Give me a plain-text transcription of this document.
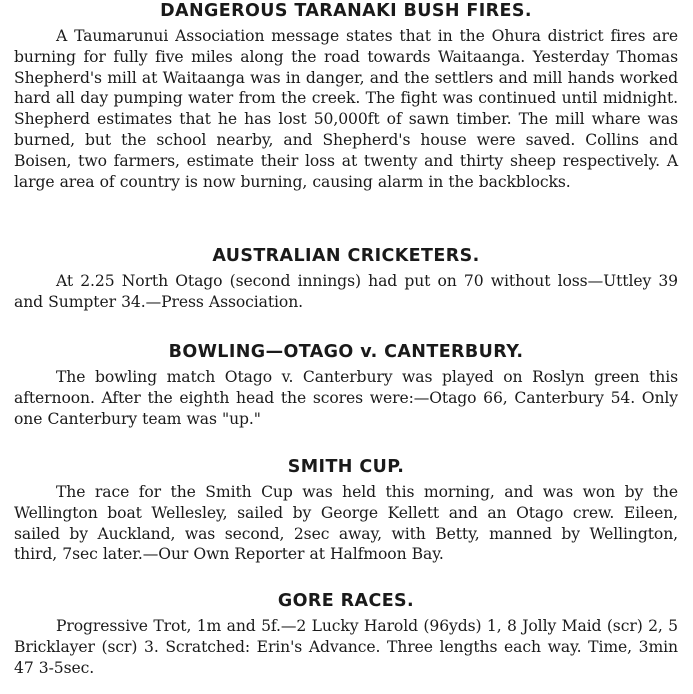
DANGEROUS TARANAKI BUSH FIRES.

A Taumarunui Association message states that in the Ohura district fires are burning for fully five miles along the road towards Waitaanga. Yesterday Thomas Shepherd's mill at Waitaanga was in danger, and the settlers and mill hands worked hard all day pumping water from the creek. The fight was continued until midnight. Shepherd estimates that he has lost 50,000ft of sawn timber. The mill whare was burned, but the school nearby, and Shepherd's house were saved. Collins and Boisen, two farmers, estimate their loss at twenty and thirty sheep respectively. A large area of country is now burning, causing alarm in the backblocks.

AUSTRALIAN CRICKETERS.

At 2.25 North Otago (second innings) had put on 70 without loss—Uttley 39 and Sumpter 34.—Press Association.

BOWLING—OTAGO v. CANTERBURY.

The bowling match Otago v. Canterbury was played on Roslyn green this afternoon. After the eighth head the scores were:—Otago 66, Canterbury 54. Only one Canterbury team was "up."

SMITH CUP.

The race for the Smith Cup was held this morning, and was won by the Wellington boat Wellesley, sailed by George Kellett and an Otago crew. Eileen, sailed by Auckland, was second, 2sec away, with Betty, manned by Wellington, third, 7sec later.—Our Own Reporter at Halfmoon Bay.

GORE RACES.

Progressive Trot, 1m and 5f.—2 Lucky Harold (96yds) 1, 8 Jolly Maid (scr) 2, 5 Bricklayer (scr) 3. Scratched: Erin's Advance. Three lengths each way. Time, 3min 47 3-5sec.
